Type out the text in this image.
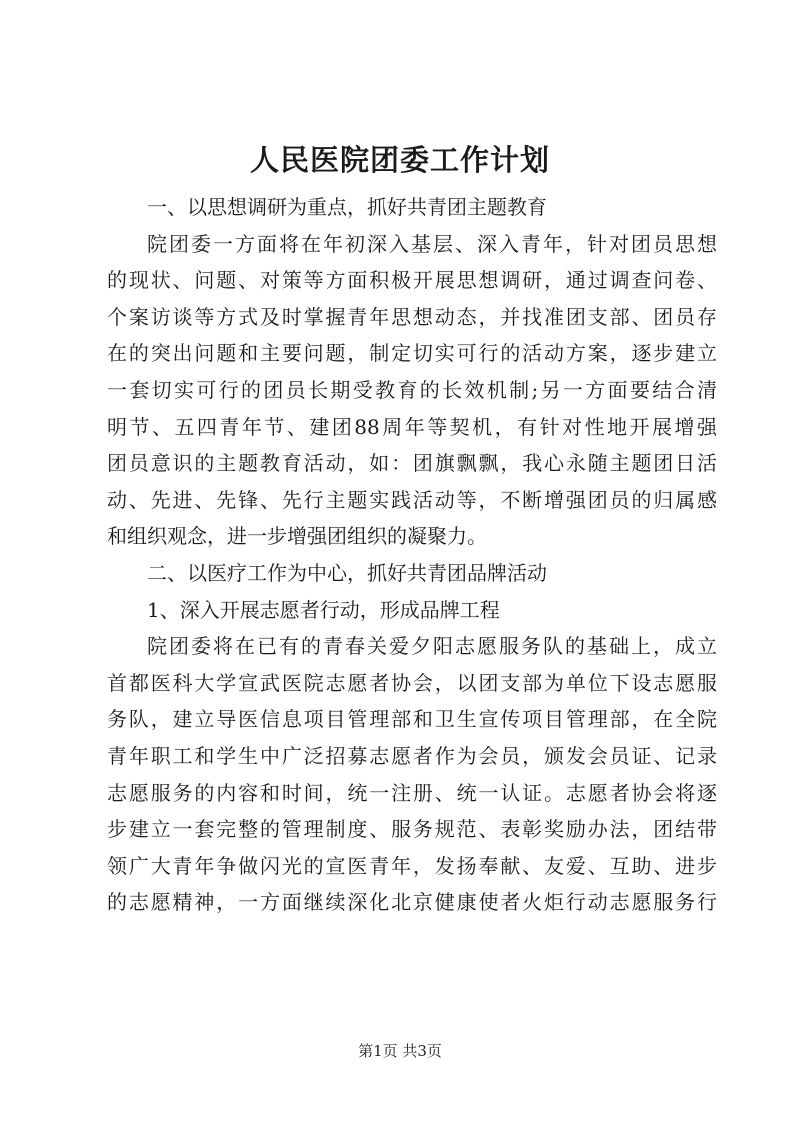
人民医院团委工作计划
一、以思想调研为重点，抓好共青团主题教育
院团委一方面将在年初深入基层、深入青年，针对团员思想
的现状、问题、对策等方面积极开展思想调研，通过调查问卷、
个案访谈等方式及时掌握青年思想动态，并找准团支部、团员存
在的突出问题和主要问题，制定切实可行的活动方案，逐步建立
一套切实可行的团员长期受教育的长效机制;另一方面要结合清
明节、五四青年节、建团88周年等契机，有针对性地开展增强
团员意识的主题教育活动，如：团旗飘飘，我心永随主题团日活
动、先进、先锋、先行主题实践活动等，不断增强团员的归属感
和组织观念，进一步增强团组织的凝聚力。
二、以医疗工作为中心，抓好共青团品牌活动
1、深入开展志愿者行动，形成品牌工程
院团委将在已有的青春关爱夕阳志愿服务队的基础上，成立
首都医科大学宣武医院志愿者协会，以团支部为单位下设志愿服
务队，建立导医信息项目管理部和卫生宣传项目管理部，在全院
青年职工和学生中广泛招募志愿者作为会员，颁发会员证、记录
志愿服务的内容和时间，统一注册、统一认证。志愿者协会将逐
步建立一套完整的管理制度、服务规范、表彰奖励办法，团结带
领广大青年争做闪光的宣医青年，发扬奉献、友爱、互助、进步
的志愿精神，一方面继续深化北京健康使者火炬行动志愿服务行
第1页 共3页
